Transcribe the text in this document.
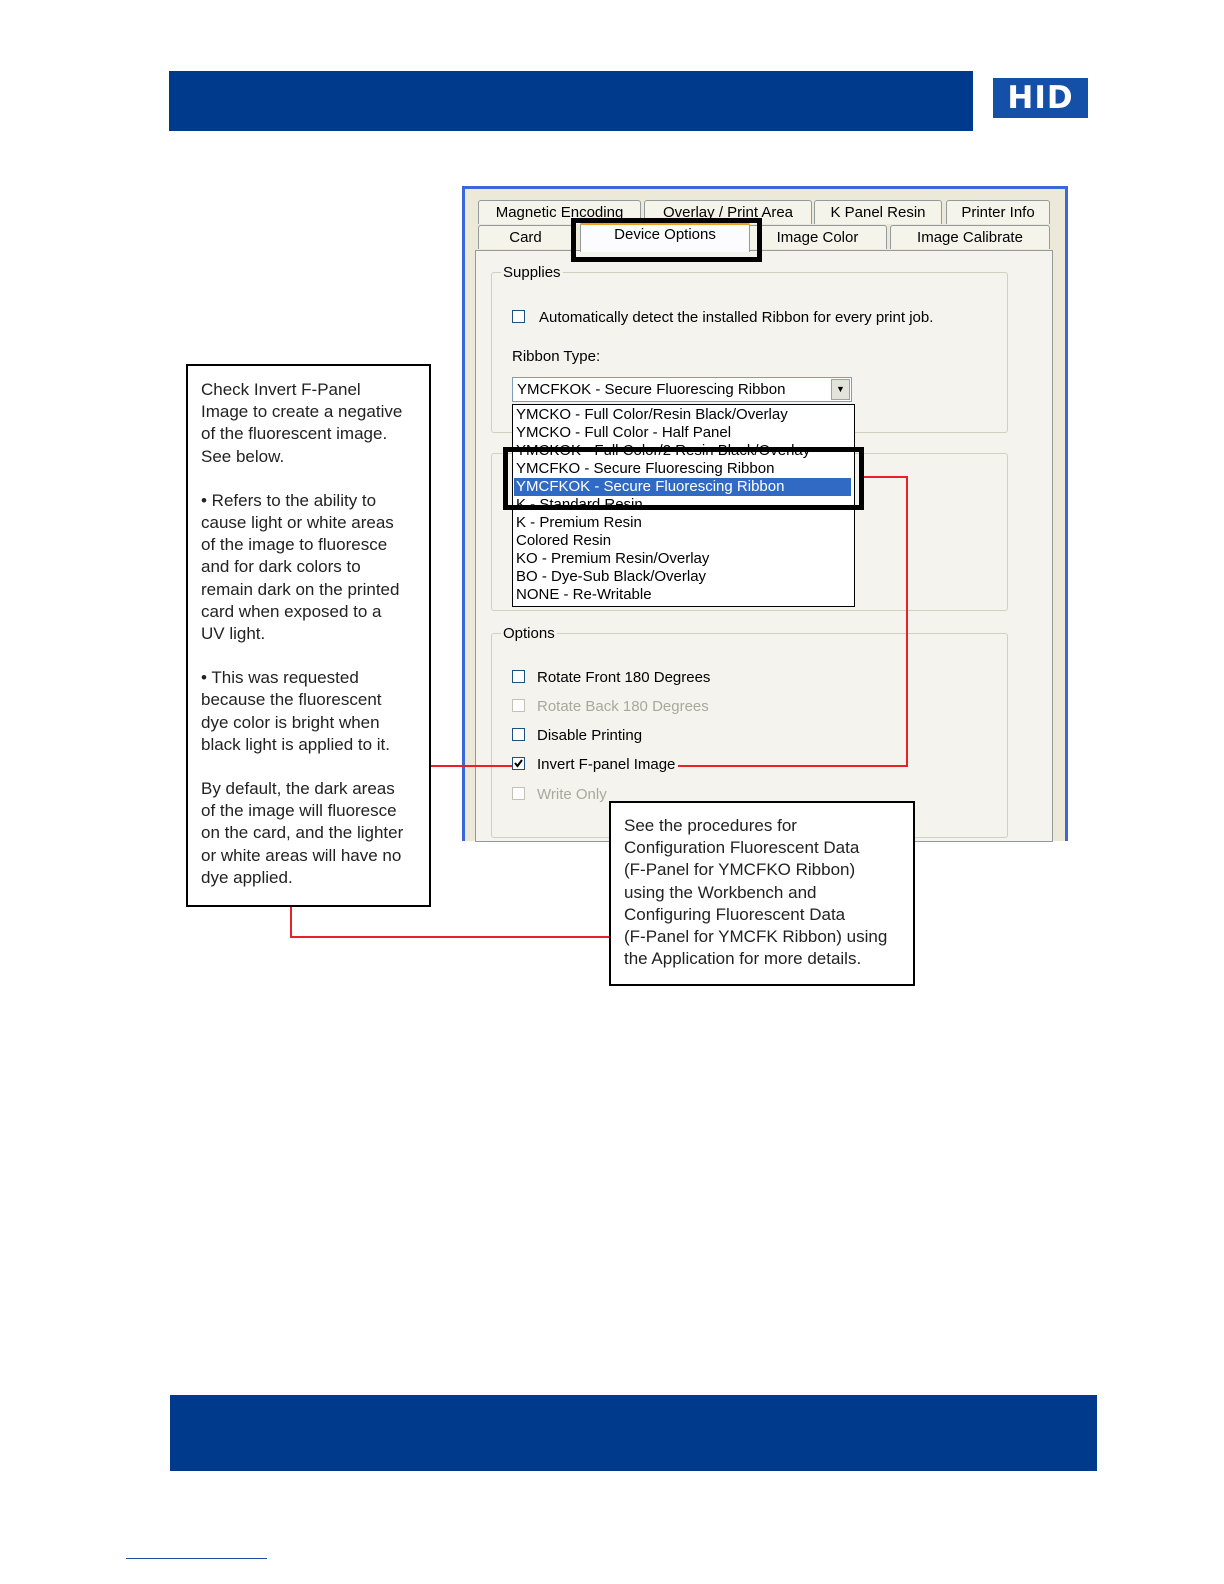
HID
Magnetic Encoding	Overlay / Print Area	K Panel Resin	Printer Info
Card	Image Color	Image Calibrate
Device Options
Supplies
Automatically detect the installed Ribbon for every print job.
Ribbon Type:
YMCFKOK - Secure Fluorescing Ribbon	▼
Options
Rotate Front 180 Degrees
Rotate Back 180 Degrees
Disable Printing
Invert F-panel Image
Write Only
YMCKO - Full Color/Resin Black/Overlay
YMCKO - Full Color - Half Panel
YMCKOK - Full Color/2 Resin Black/Overlay
YMCFKO - Secure Fluorescing Ribbon
YMCFKOK - Secure Fluorescing Ribbon
K - Standard Resin
K - Premium Resin
Colored Resin
KO - Premium Resin/Overlay
BO - Dye-Sub Black/Overlay
NONE - Re-Writable

Check Invert F-Panel
Image to create a negative
of the fluorescent image.
See below.

• Refers to the ability to
cause light or white areas
of the image to fluoresce
and for dark colors to
remain dark on the printed
card when exposed to a
UV light.

• This was requested
because the fluorescent
dye color is bright when
black light is applied to it.

By default, the dark areas
of the image will fluoresce
on the card, and the lighter
or white areas will have no
dye applied.

See the procedures for
Configuration Fluorescent Data
(F-Panel for YMCFKO Ribbon)
using the Workbench and
Configuring Fluorescent Data
(F-Panel for YMCFK Ribbon) using
the Application for more details.
